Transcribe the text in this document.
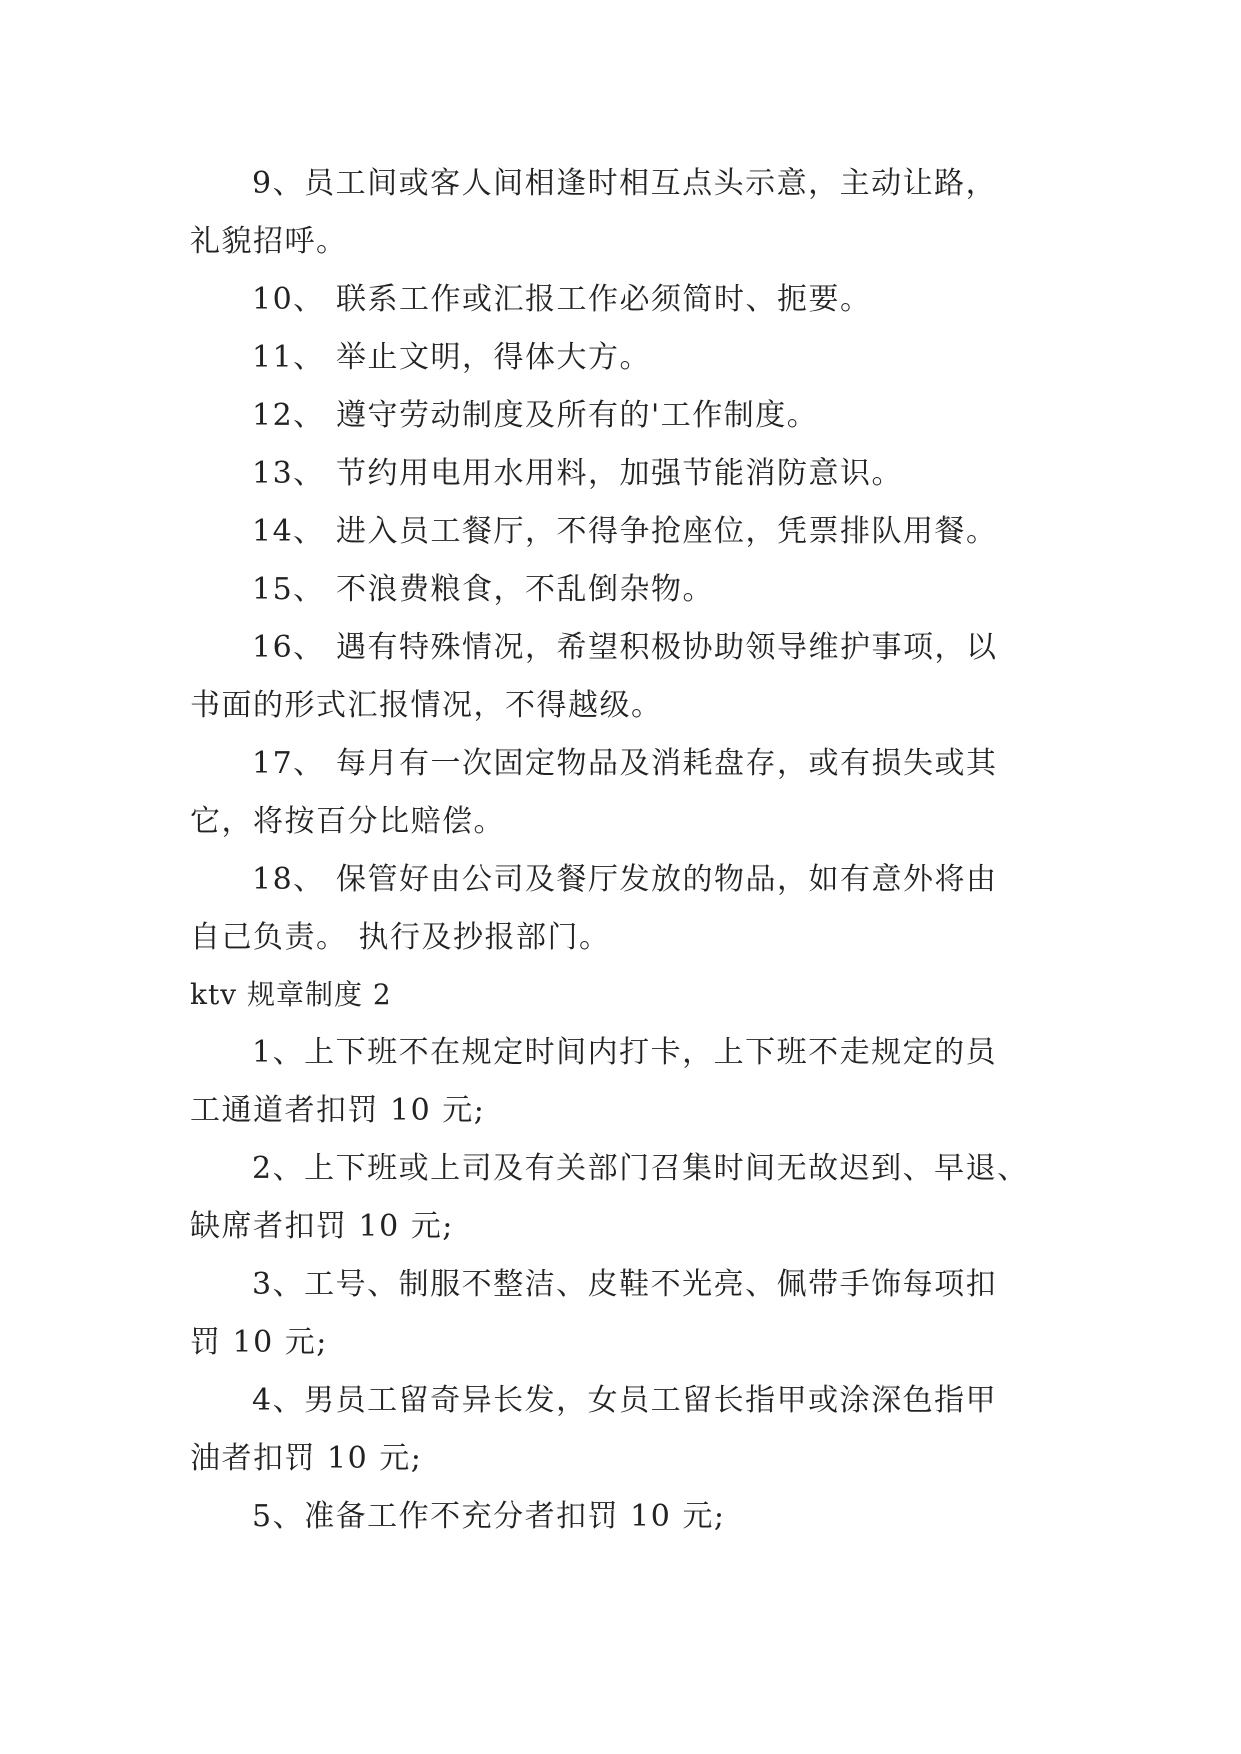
9、员工间或客人间相逢时相互点头示意，主动让路，
礼貌招呼。
10、 联系工作或汇报工作必须简时、扼要。
11、 举止文明，得体大方。
12、 遵守劳动制度及所有的'工作制度。
13、 节约用电用水用料，加强节能消防意识。
14、 进入员工餐厅，不得争抢座位，凭票排队用餐。
15、 不浪费粮食，不乱倒杂物。
16、 遇有特殊情况，希望积极协助领导维护事项，以
书面的形式汇报情况，不得越级。
17、 每月有一次固定物品及消耗盘存，或有损失或其
它，将按百分比赔偿。
18、 保管好由公司及餐厅发放的物品，如有意外将由
自己负责。 执行及抄报部门。
ktv 规章制度 2
1、上下班不在规定时间内打卡，上下班不走规定的员
工通道者扣罚 10 元;
2、上下班或上司及有关部门召集时间无故迟到、早退、
缺席者扣罚 10 元;
3、工号、制服不整洁、皮鞋不光亮、佩带手饰每项扣
罚 10 元;
4、男员工留奇异长发，女员工留长指甲或涂深色指甲
油者扣罚 10 元;
5、准备工作不充分者扣罚 10 元;
